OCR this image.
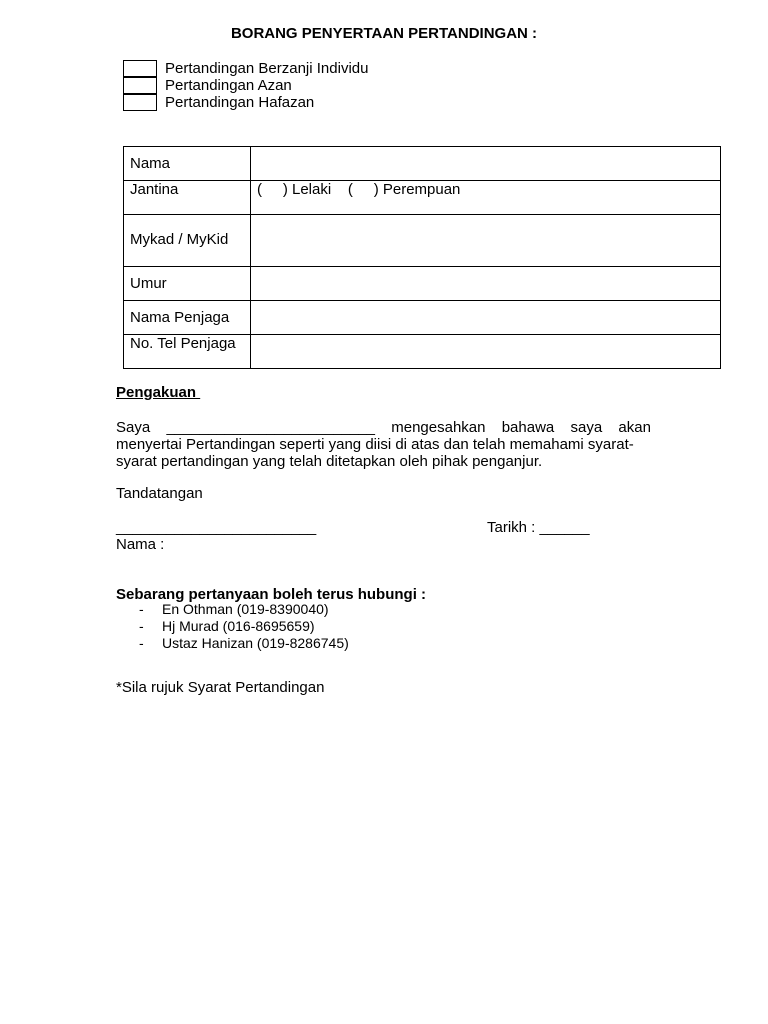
BORANG PENYERTAAN PERTANDINGAN :
Pertandingan Berzanji Individu
Pertandingan Azan
Pertandingan Hafazan
Nama	
Jantina	(     ) Lelaki    (     ) Perempuan
Mykad / MyKid	
Umur	
Nama Penjaga	
No. Tel Penjaga	
Pengakuan
Saya _________________________ mengesahkan bahawa saya akan
menyertai Pertandingan seperti yang diisi di atas dan telah memahami syarat-
syarat pertandingan yang telah ditetapkan oleh pihak penganjur.
Tandatangan
________________________	Tarikh : ______
Nama :
Sebarang pertanyaan boleh terus hubungi :
-	En Othman (019-8390040)
-	Hj Murad (016-8695659)
-	Ustaz Hanizan (019-8286745)
*Sila rujuk Syarat Pertandingan
